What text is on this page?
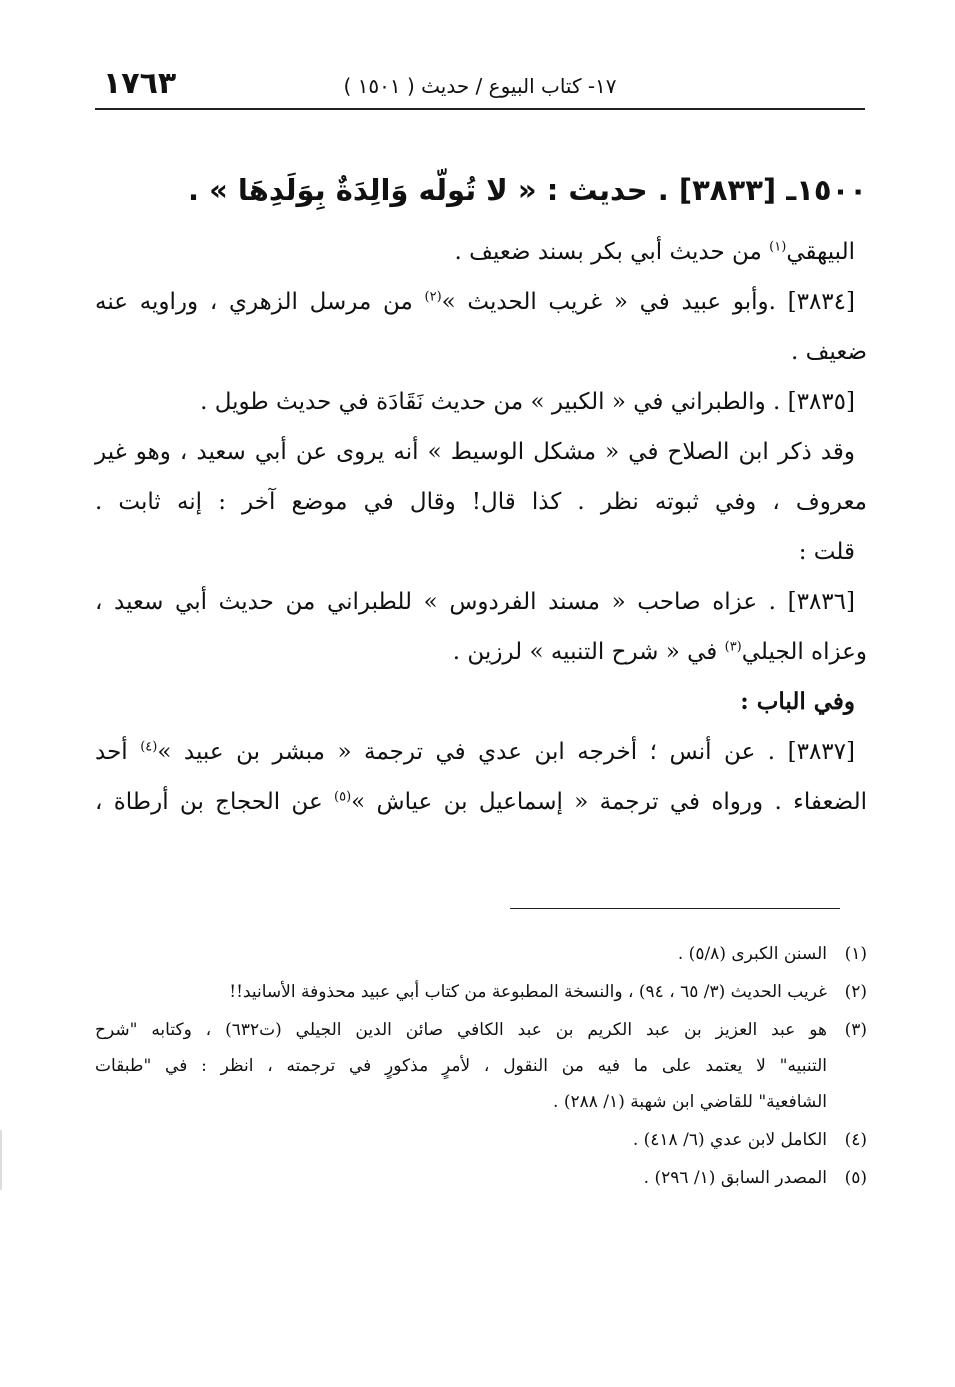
١٧٦٣	١٧- كتاب البيوع / حديث ( ١٥٠١ )
١٥٠٠ـ [٣٨٣٣] . حديث : « لا تُولّه وَالِدَةٌ بِوَلَدِهَا » .
البيهقي$^{(١)}$ من حديث أبي بكر بسند ضعيف .
[٣٨٣٤] .وأبو عبيد في « غريب الحديث »$^{(٢)}$ من مرسل الزهري ، وراويه عنه
ضعيف .
[٣٨٣٥] . والطبراني في « الكبير » من حديث نَقَادَة في حديث طويل .
وقد ذكر ابن الصلاح في « مشكل الوسيط » أنه يروى عن أبي سعيد ، وهو غير
معروف ، وفي ثبوته نظر . كذا قال! وقال في موضع آخر : إنه ثابت .
قلت :
[٣٨٣٦] . عزاه صاحب « مسند الفردوس » للطبراني من حديث أبي سعيد ،
وعزاه الجيلي$^{(٣)}$ في « شرح التنبيه » لرزين .
وفي الباب :
[٣٨٣٧] . عن أنس ؛ أخرجه ابن عدي في ترجمة « مبشر بن عبيد »$^{(٤)}$ أحد
الضعفاء . ورواه في ترجمة « إسماعيل بن عياش »$^{(٥)}$ عن الحجاج بن أرطاة ،
(١)
السنن الكبرى (٥/٨) .
(٢)
غريب الحديث (٣/ ٦٥ ، ٩٤) ، والنسخة المطبوعة من كتاب أبي عبيد محذوفة الأسانيد!!
(٣)
هو عبد العزيز بن عبد الكريم بن عبد الكافي صائن الدين الجيلي (ت٦٣٢) ، وكتابه "شرح
التنبيه" لا يعتمد على ما فيه من النقول ، لأمرٍ مذكورٍ في ترجمته ، انظر : في "طبقات
الشافعية" للقاضي ابن شهبة (١/ ٢٨٨) .
(٤)
الكامل لابن عدي (٦/ ٤١٨) .
(٥)
المصدر السابق (١/ ٢٩٦) .
